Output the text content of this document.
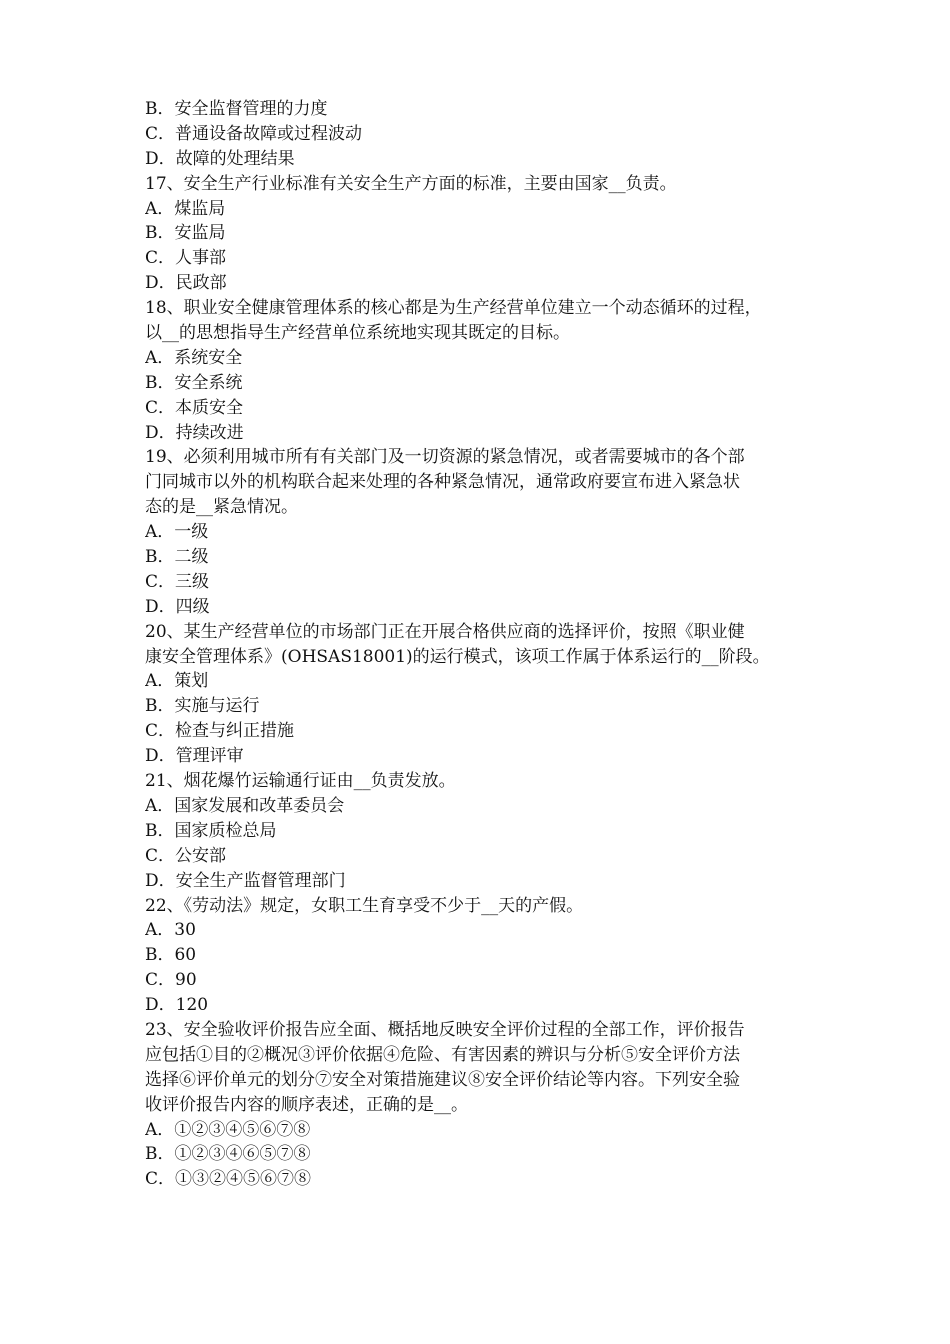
B．安全监督管理的力度
C．普通设备故障或过程波动
D．故障的处理结果
17、安全生产行业标准有关安全生产方面的标准，主要由国家__负责。
A．煤监局
B．安监局
C．人事部
D．民政部
18、职业安全健康管理体系的核心都是为生产经营单位建立一个动态循环的过程，
以__的思想指导生产经营单位系统地实现其既定的目标。
A．系统安全
B．安全系统
C．本质安全
D．持续改进
19、必须利用城市所有有关部门及一切资源的紧急情况，或者需要城市的各个部
门同城市以外的机构联合起来处理的各种紧急情况，通常政府要宣布进入紧急状
态的是__紧急情况。
A．一级
B．二级
C．三级
D．四级
20、某生产经营单位的市场部门正在开展合格供应商的选择评价，按照《职业健
康安全管理体系》(OHSAS18001)的运行模式，该项工作属于体系运行的__阶段。
A．策划
B．实施与运行
C．检查与纠正措施
D．管理评审
21、烟花爆竹运输通行证由__负责发放。
A．国家发展和改革委员会
B．国家质检总局
C．公安部
D．安全生产监督管理部门
22、《劳动法》规定，女职工生育享受不少于__天的产假。
A．30
B．60
C．90
D．120
23、安全验收评价报告应全面、概括地反映安全评价过程的全部工作，评价报告
应包括①目的②概况③评价依据④危险、有害因素的辨识与分析⑤安全评价方法
选择⑥评价单元的划分⑦安全对策措施建议⑧安全评价结论等内容。下列安全验
收评价报告内容的顺序表述，正确的是__。
A．①②③④⑤⑥⑦⑧
B．①②③④⑥⑤⑦⑧
C．①③②④⑤⑥⑦⑧
